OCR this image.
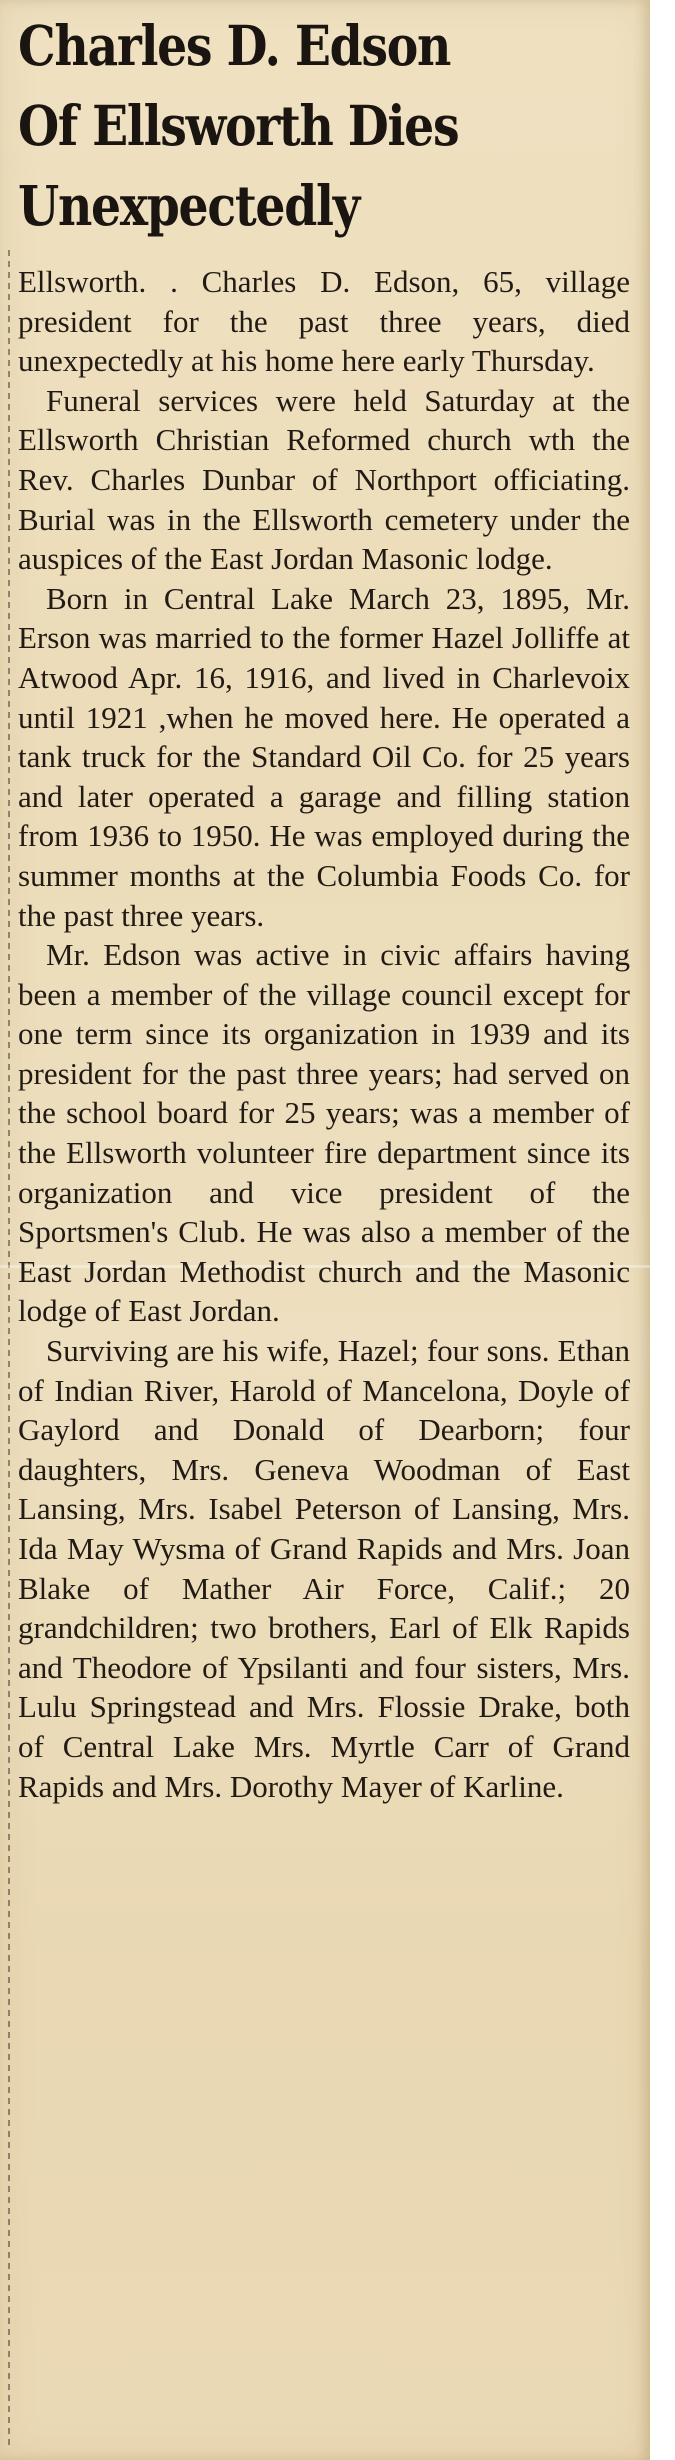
Charles D. Edson
Of Ellsworth Dies
Unexpectedly

Ellsworth. . Charles D. Edson, 65, village president for the past three years, died unexpectedly at his home here early Thursday.

Funeral services were held Saturday at the Ellsworth Christian Reformed church wth the Rev. Charles Dunbar of Northport officiating. Burial was in the Ellsworth cemetery under the auspices of the East Jordan Masonic lodge.

Born in Central Lake March 23, 1895, Mr. Erson was married to the former Hazel Jolliffe at Atwood Apr. 16, 1916, and lived in Charlevoix until 1921 ,when he moved here. He operated a tank truck for the Standard Oil Co. for 25 years and later operated a garage and filling station from 1936 to 1950. He was employed during the summer months at the Columbia Foods Co. for the past three years.

Mr. Edson was active in civic affairs having been a member of the village council except for one term since its organization in 1939 and its president for the past three years; had served on the school board for 25 years; was a member of the Ellsworth volunteer fire department since its organization and vice president of the Sportsmen's Club. He was also a member of the East Jordan Methodist church and the Masonic lodge of East Jordan.

Surviving are his wife, Hazel; four sons. Ethan of Indian River, Harold of Mancelona, Doyle of Gaylord and Donald of Dearborn; four daughters, Mrs. Geneva Woodman of East Lansing, Mrs. Isabel Peterson of Lansing, Mrs. Ida May Wysma of Grand Rapids and Mrs. Joan Blake of Mather Air Force, Calif.; 20 grandchildren; two brothers, Earl of Elk Rapids and Theodore of Ypsilanti and four sisters, Mrs. Lulu Springstead and Mrs. Flossie Drake, both of Central Lake Mrs. Myrtle Carr of Grand Rapids and Mrs. Dorothy Mayer of Karline.
